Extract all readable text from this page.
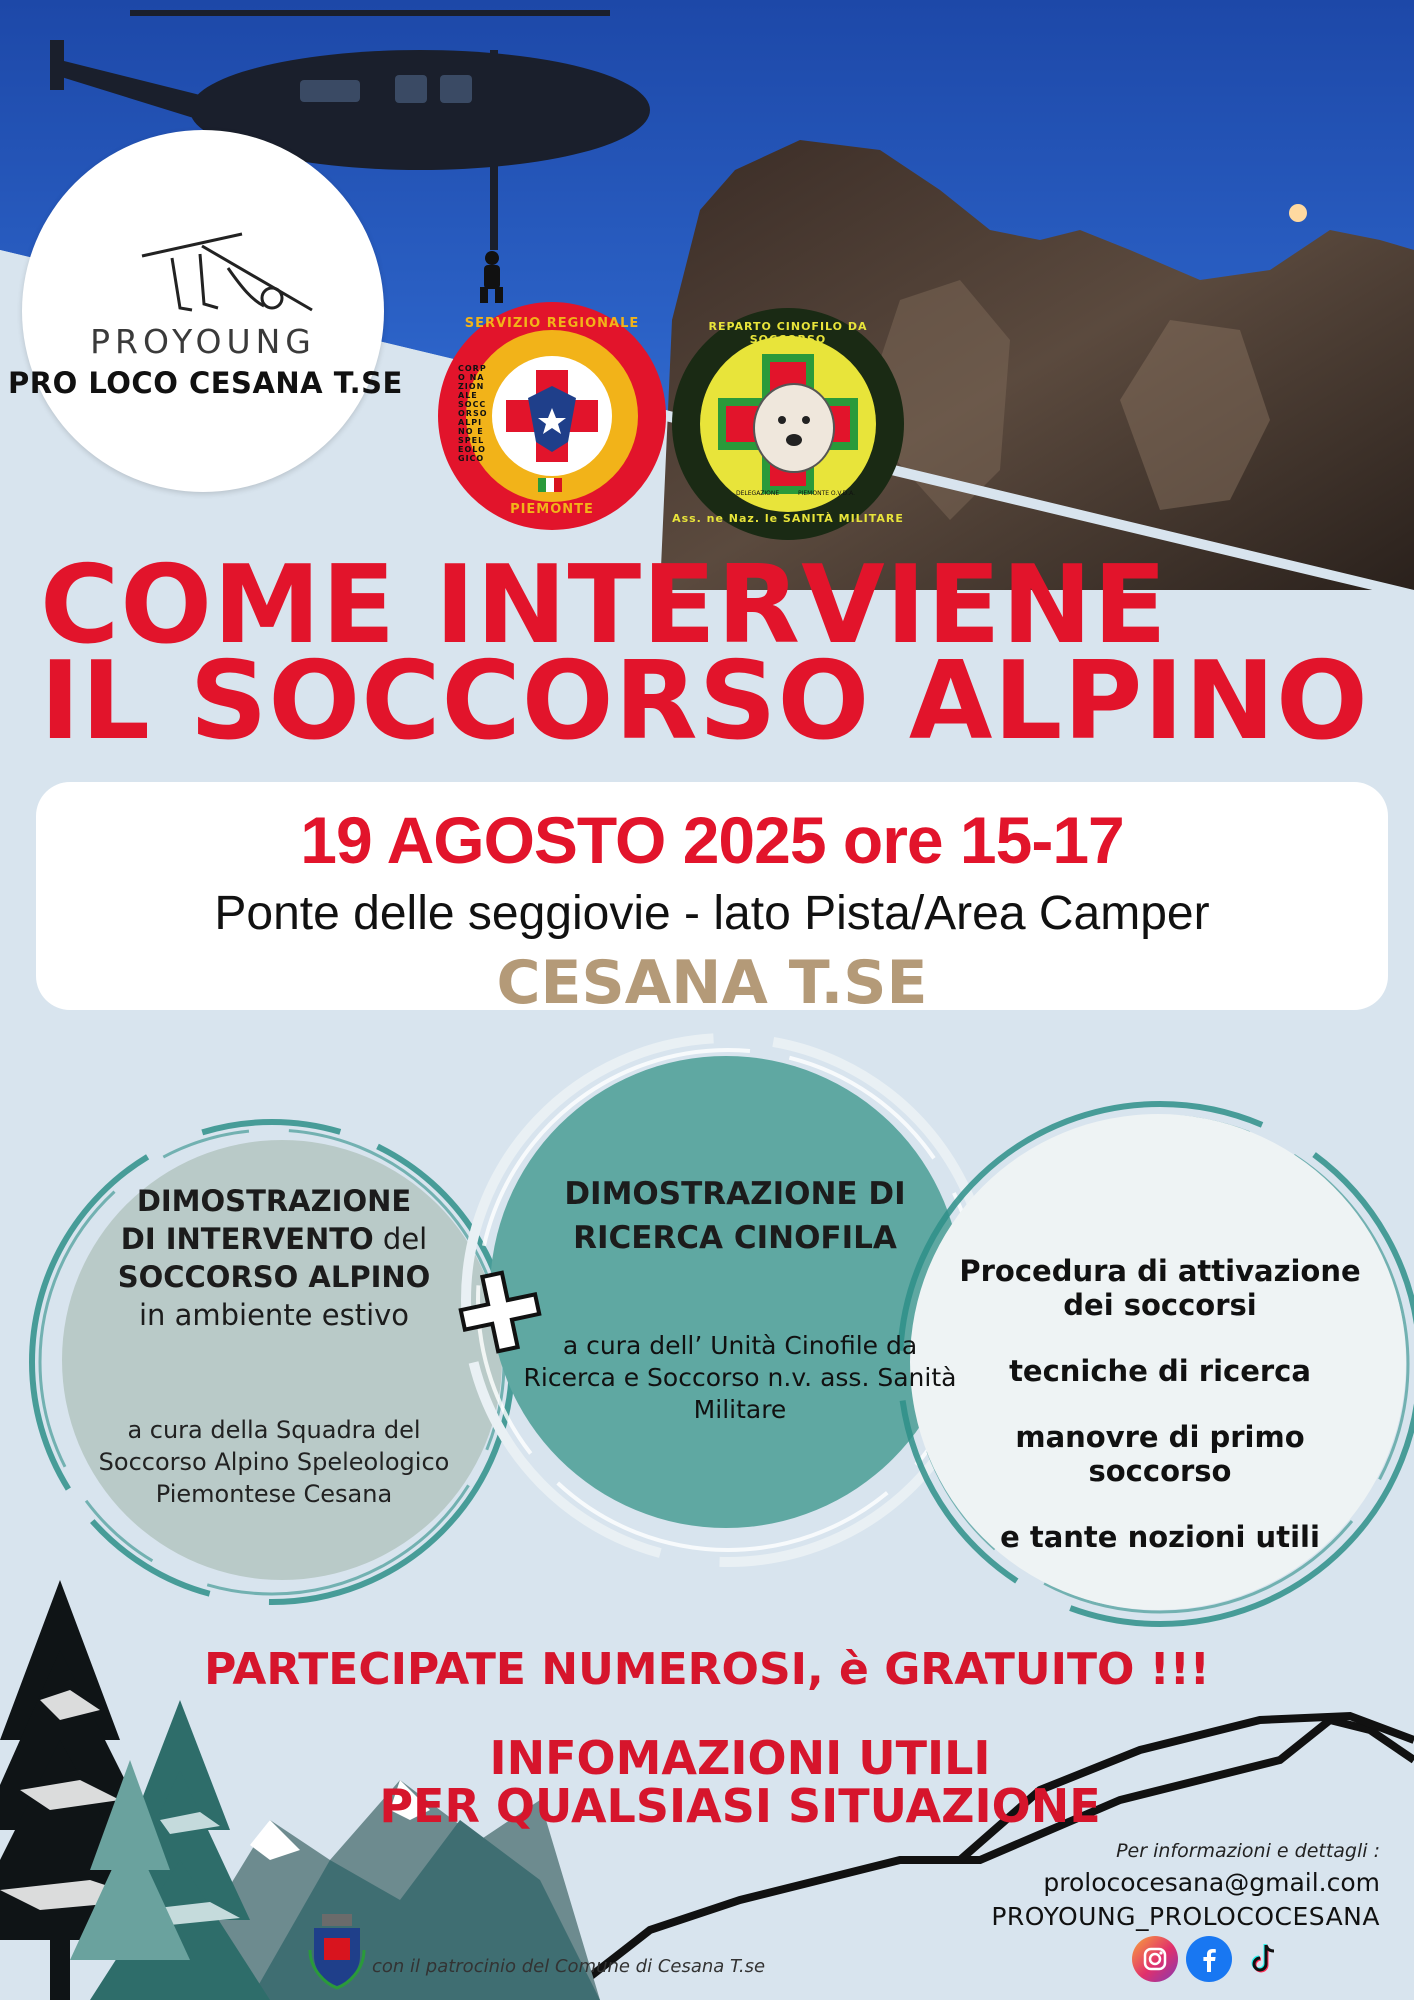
PROYOUNG
PRO LOCO CESANA T.SE
SERVIZIO REGIONALE
CORPO NAZIONALE SOCCORSO ALPINO E SPELEOLOGICO
PIEMONTE
REPARTO CINOFILO DA SOCCORSO
Ass. ne Naz. le SANITÀ MILITARE
DELEGAZIONE	PIEMONTE O.V.D.A.
COME INTERVIENE
IL SOCCORSO ALPINO
19 AGOSTO 2025 ore 15-17
Ponte delle seggiovie - lato Pista/Area Camper
CESANA T.SE
DIMOSTRAZIONE
DI INTERVENTO del
SOCCORSO ALPINO
in ambiente estivo
a cura della Squadra del Soccorso Alpino Speleologico Piemontese Cesana
DIMOSTRAZIONE DI RICERCA CINOFILA
a cura dell’ Unità Cinofile da Ricerca e Soccorso n.v. ass. Sanità Militare

Procedura di attivazione dei soccorsi

tecniche di ricerca

manovre di primo soccorso

e tante nozioni utili

PARTECIPATE NUMEROSI, è GRATUITO !!!
INFOMAZIONI UTILI
PER QUALSIASI SITUAZIONE
Per informazioni e dettagli :
prolococesana@gmail.com
PROYOUNG_PROLOCOCESANA
con il patrocinio del Comune di Cesana T.se
